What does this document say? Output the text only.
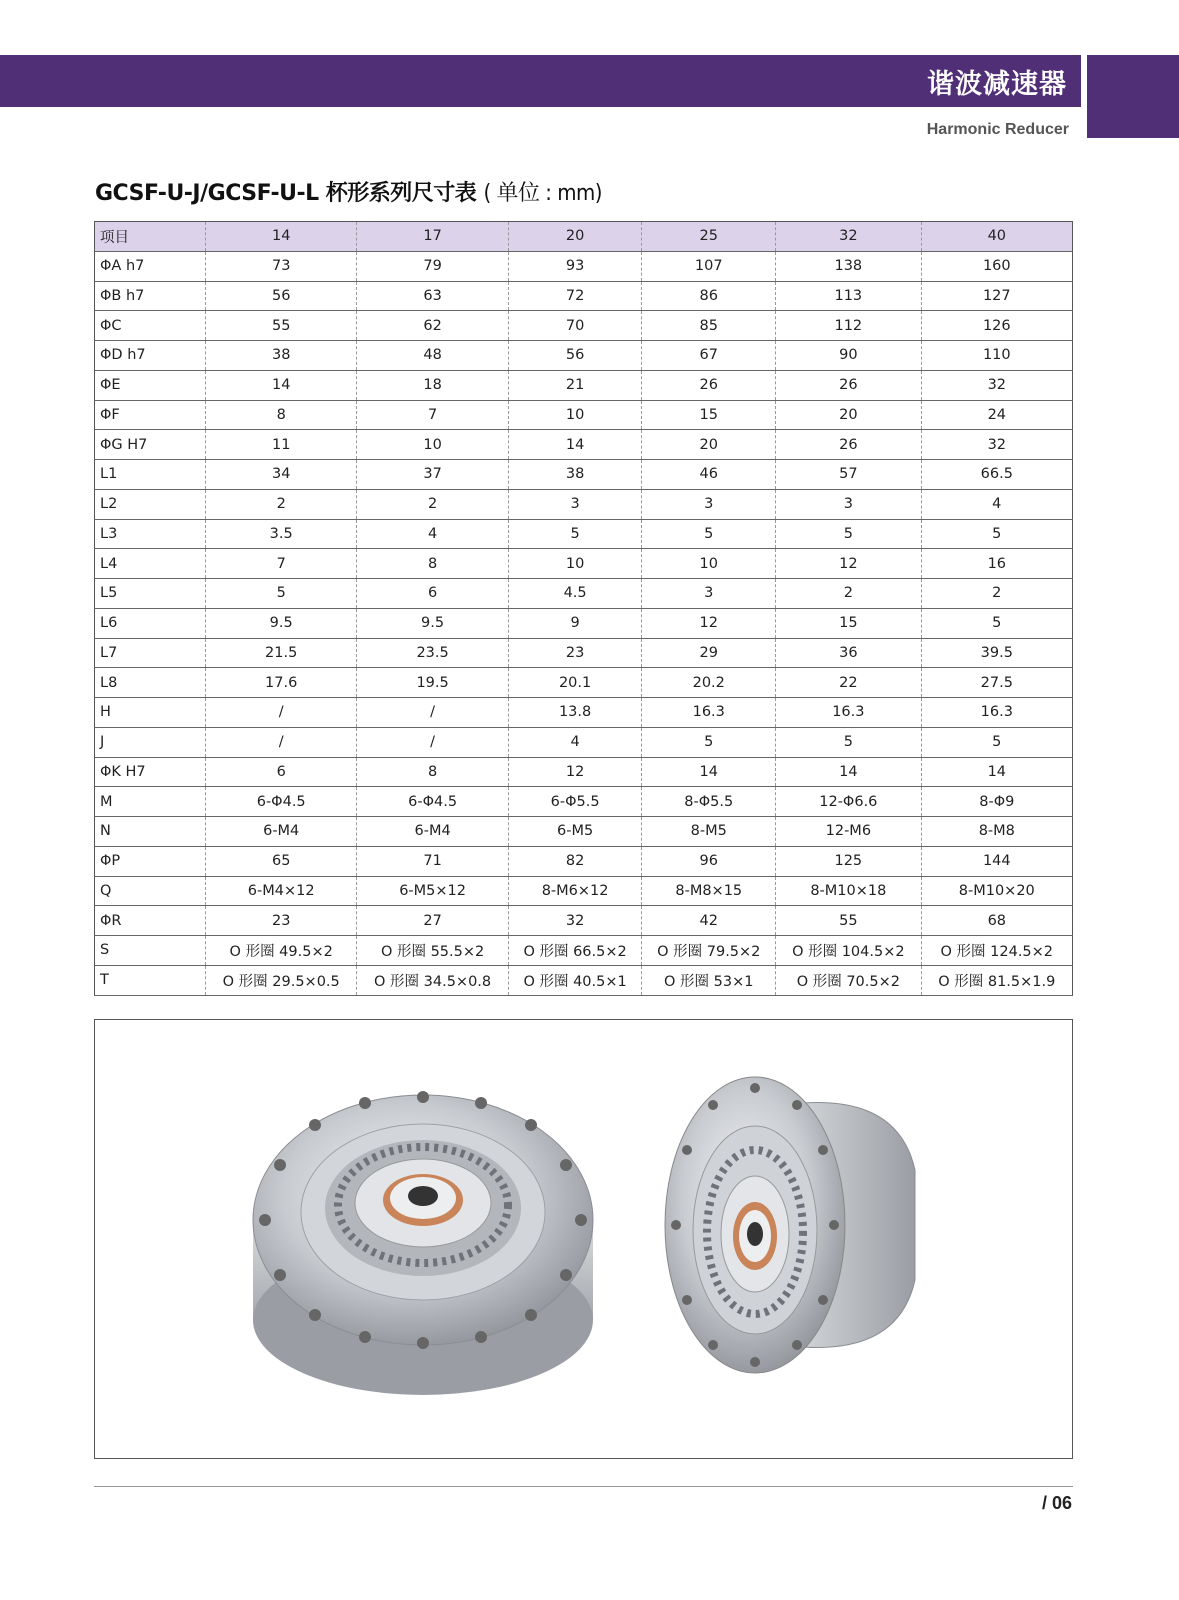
谐波减速器
Harmonic Reducer
GCSF-U-J/GCSF-U-L 杯形系列尺寸表 ( 单位 : mm)
项目	14	17	20	25	32	40
ΦA h7	73	79	93	107	138	160
ΦB h7	56	63	72	86	113	127
ΦC	55	62	70	85	112	126
ΦD h7	38	48	56	67	90	110
ΦE	14	18	21	26	26	32
ΦF	8	7	10	15	20	24
ΦG H7	11	10	14	20	26	32
L1	34	37	38	46	57	66.5
L2	2	2	3	3	3	4
L3	3.5	4	5	5	5	5
L4	7	8	10	10	12	16
L5	5	6	4.5	3	2	2
L6	9.5	9.5	9	12	15	5
L7	21.5	23.5	23	29	36	39.5
L8	17.6	19.5	20.1	20.2	22	27.5
H	/	/	13.8	16.3	16.3	16.3
J	/	/	4	5	5	5
ΦK H7	6	8	12	14	14	14
M	6-Φ4.5	6-Φ4.5	6-Φ5.5	8-Φ5.5	12-Φ6.6	8-Φ9
N	6-M4	6-M4	6-M5	8-M5	12-M6	8-M8
ΦP	65	71	82	96	125	144
Q	6-M4×12	6-M5×12	8-M6×12	8-M8×15	8-M10×18	8-M10×20
ΦR	23	27	32	42	55	68
S	O 形圈 49.5×2	O 形圈 55.5×2	O 形圈 66.5×2	O 形圈 79.5×2	O 形圈 104.5×2	O 形圈 124.5×2
T	O 形圈 29.5×0.5	O 形圈 34.5×0.8	O 形圈 40.5×1	O 形圈 53×1	O 形圈 70.5×2	O 形圈 81.5×1.9
/ 06
